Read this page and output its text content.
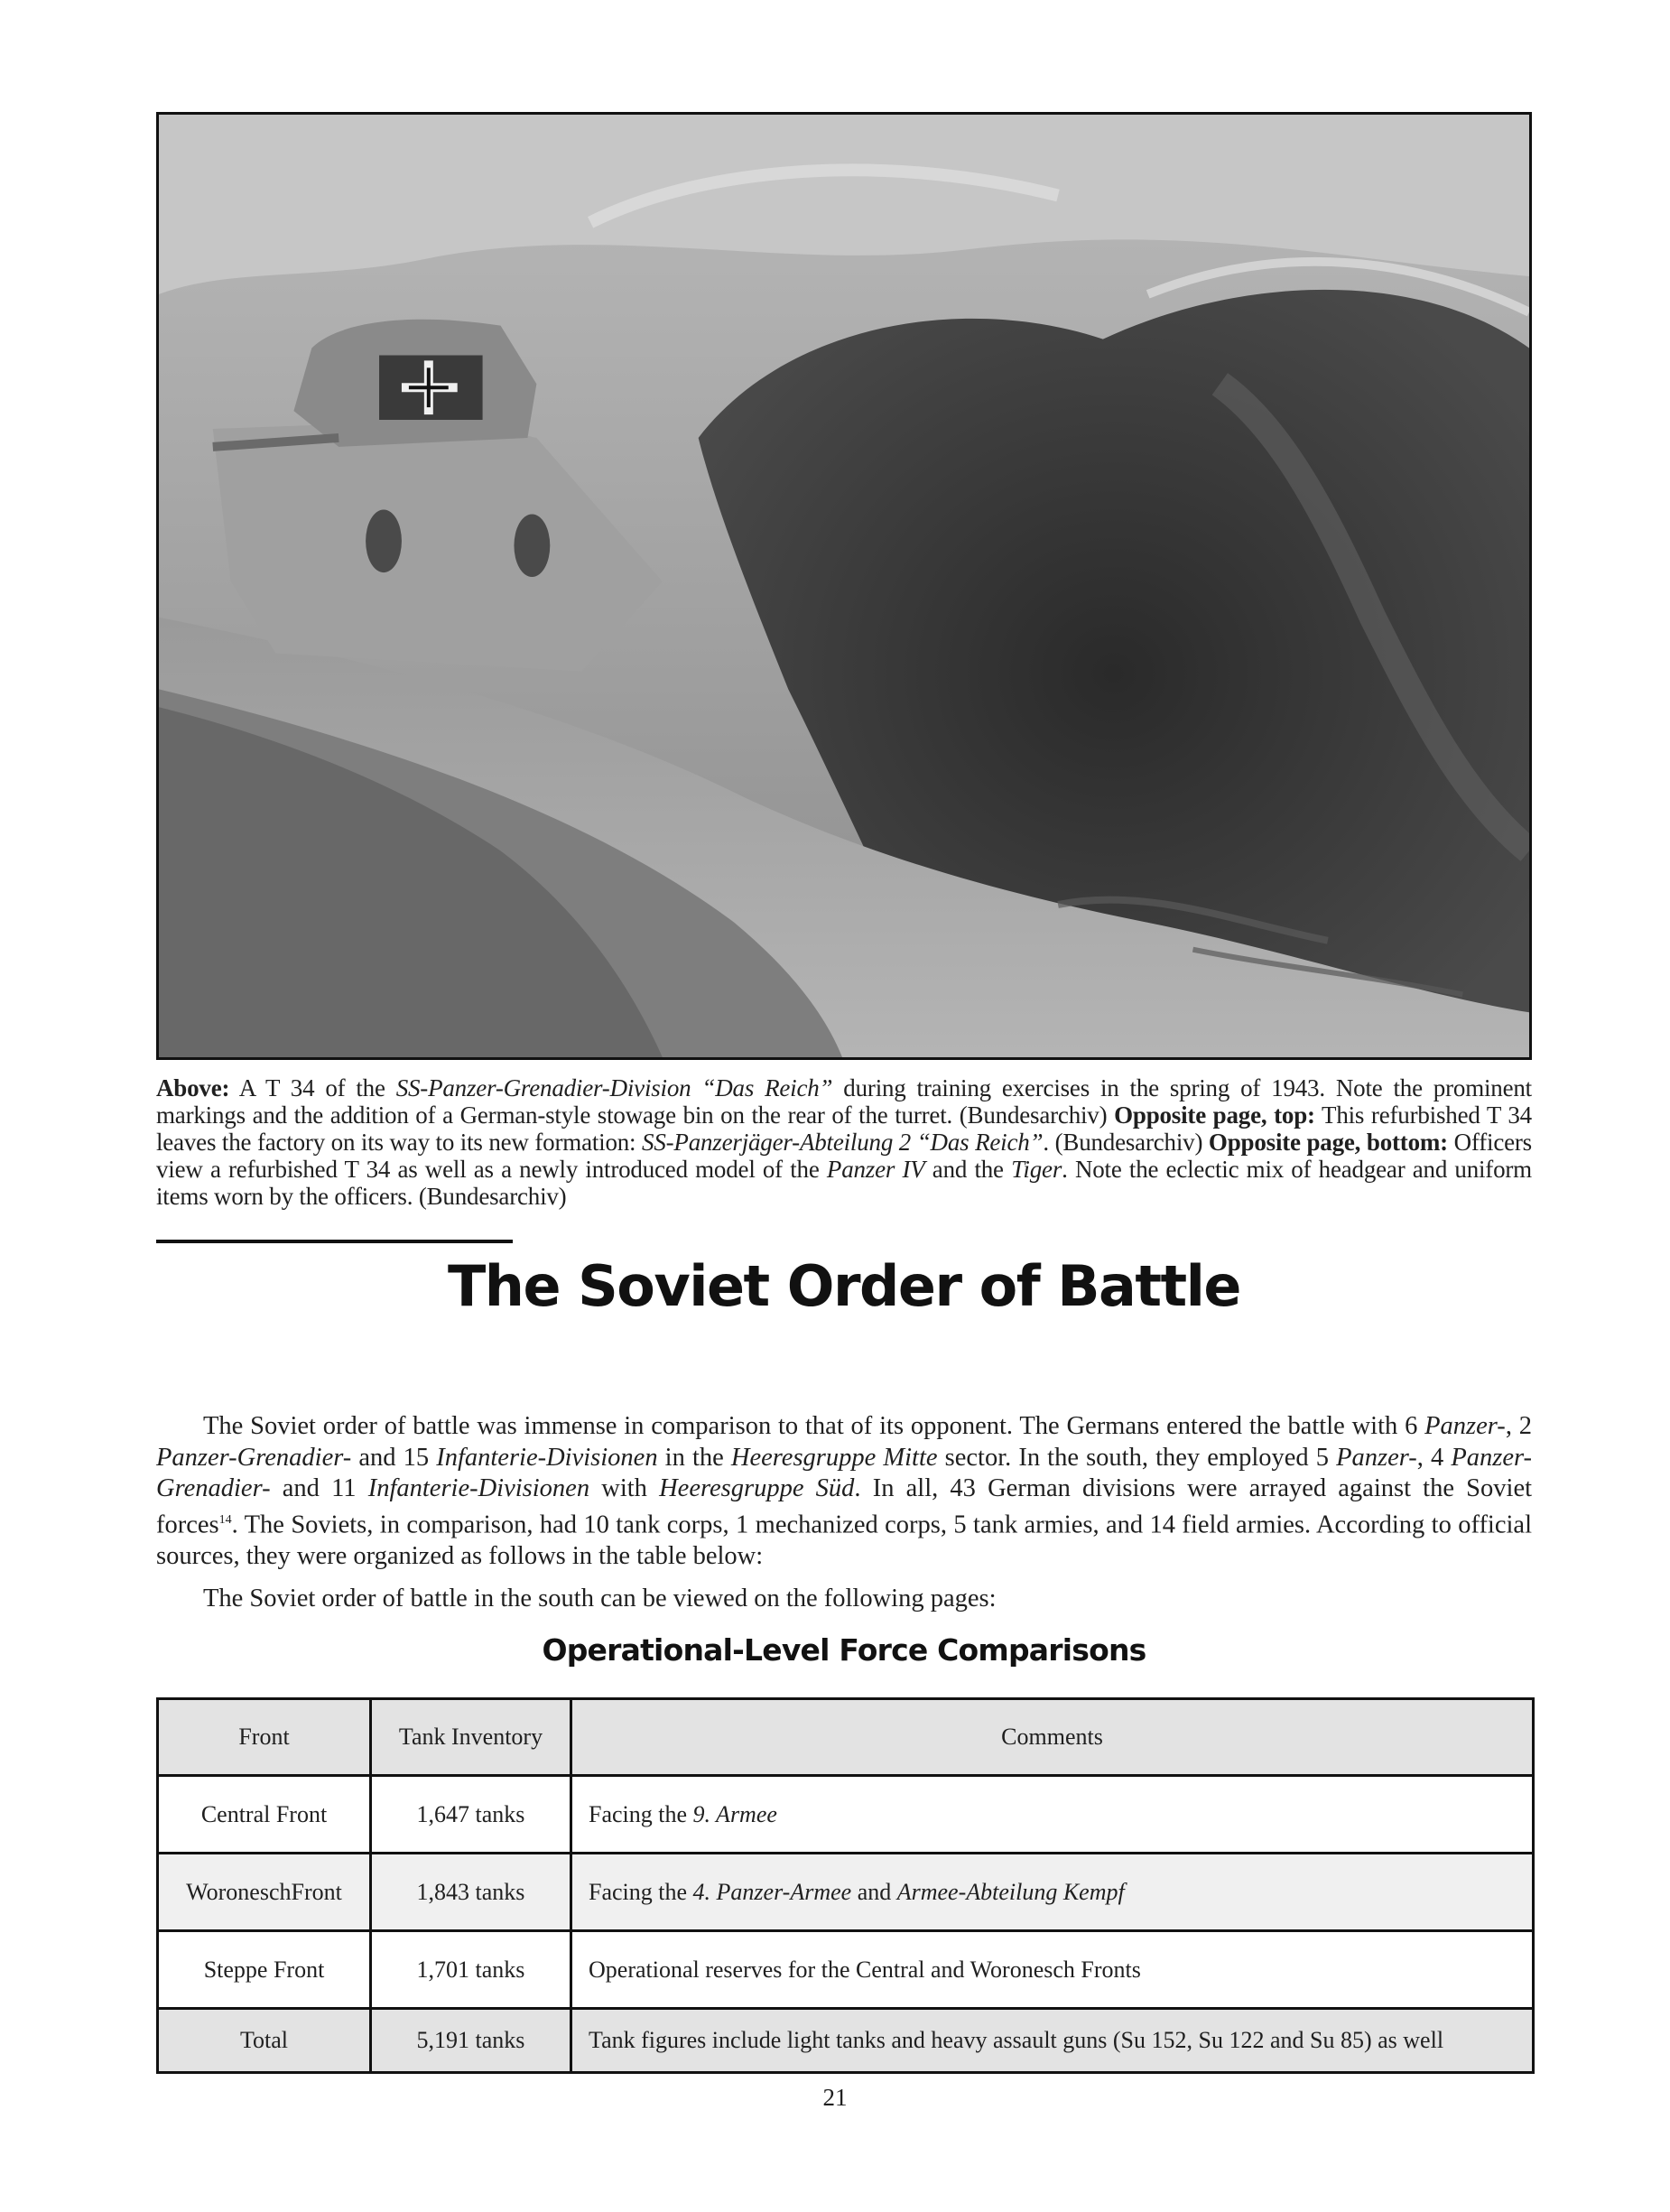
Above: A T 34 of the SS-Panzer-Grenadier-Division “Das Reich” during training exercises in the spring of 1943. Note the prominent markings and the addition of a German-style stowage bin on the rear of the turret. (Bundesarchiv) Opposite page, top: This refurbished T 34 leaves the factory on its way to its new formation: SS-Panzerjäger-Abteilung 2 “Das Reich”. (Bundesarchiv) Opposite page, bottom: Officers view a refurbished T 34 as well as a newly introduced model of the Panzer IV and the Tiger. Note the eclectic mix of headgear and uniform items worn by the officers. (Bundesarchiv)
The Soviet Order of Battle

The Soviet order of battle was immense in comparison to that of its opponent. The Germans entered the battle with 6 Panzer-, 2 Panzer-Grenadier- and 15 Infanterie-Divisionen in the Heeresgruppe Mitte sector. In the south, they employed 5 Panzer-, 4 Panzer-Grenadier- and 11 Infanterie-Divisionen with Heeresgruppe Süd. In all, 43 German divisions were arrayed against the Soviet forces$^{14}$. The Soviets, in comparison, had 10 tank corps, 1 mechanized corps, 5 tank armies, and 14 field armies. According to official sources, they were organized as follows in the table below:

The Soviet order of battle in the south can be viewed on the following pages:

Operational-Level Force Comparisons
Front	Tank Inventory	Comments
Central Front	1,647 tanks	Facing the 9. Armee
WoroneschFront	1,843 tanks	Facing the 4. Panzer-Armee and Armee-Abteilung Kempf
Steppe Front	1,701 tanks	Operational reserves for the Central and Woronesch Fronts
Total	5,191 tanks	Tank figures include light tanks and heavy assault guns (Su 152, Su 122 and Su 85) as well
21
